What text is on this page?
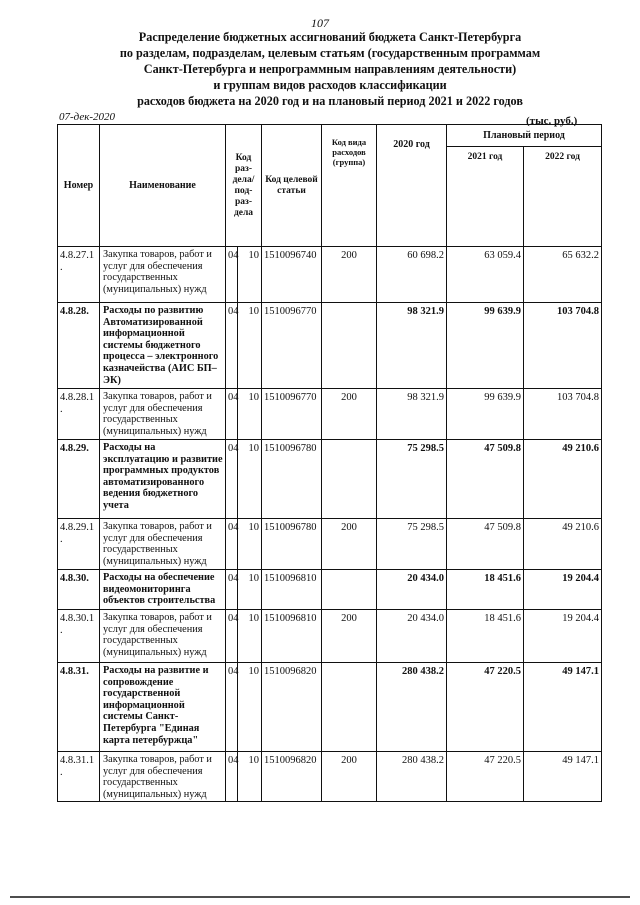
107
Распределение бюджетных ассигнований бюджета Санкт-Петербурга
по разделам, подразделам, целевым статьям (государственным программам
Санкт-Петербурга и непрограммным направлениям деятельности)
и группам видов расходов классификации
расходов бюджета на 2020 год и на плановый период 2021 и 2022 годов
07-дек-2020	(тыс. руб.)
Номер	Наименование	Код раз- дела/ под- раз- дела		Код целевой статьи	Код вида расходов (группа)	2020 год	Плановый период	
							2021 год	2022 год
4.8.27.1 .	Закупка товаров, работ и услуг для обеспечения государственных (муниципальных) нужд	04	10	1510096740	200	60 698.2	63 059.4	65 632.2
4.8.28.	Расходы по развитию Автоматизированной информационной системы бюджетного процесса – электронного казначейства (АИС БП–ЭК)	04	10	1510096770		98 321.9	99 639.9	103 704.8
4.8.28.1 .	Закупка товаров, работ и услуг для обеспечения государственных (муниципальных) нужд	04	10	1510096770	200	98 321.9	99 639.9	103 704.8
4.8.29.	Расходы на эксплуатацию и развитие программных продуктов автоматизированного ведения бюджетного учета	04	10	1510096780		75 298.5	47 509.8	49 210.6
4.8.29.1 .	Закупка товаров, работ и услуг для обеспечения государственных (муниципальных) нужд	04	10	1510096780	200	75 298.5	47 509.8	49 210.6
4.8.30.	Расходы на обеспечение видеомониторинга объектов строительства	04	10	1510096810		20 434.0	18 451.6	19 204.4
4.8.30.1 .	Закупка товаров, работ и услуг для обеспечения государственных (муниципальных) нужд	04	10	1510096810	200	20 434.0	18 451.6	19 204.4
4.8.31.	Расходы на развитие и сопровождение государственной информационной системы Санкт-Петербурга "Единая карта петербуржца"	04	10	1510096820		280 438.2	47 220.5	49 147.1
4.8.31.1 .	Закупка товаров, работ и услуг для обеспечения государственных (муниципальных) нужд	04	10	1510096820	200	280 438.2	47 220.5	49 147.1
